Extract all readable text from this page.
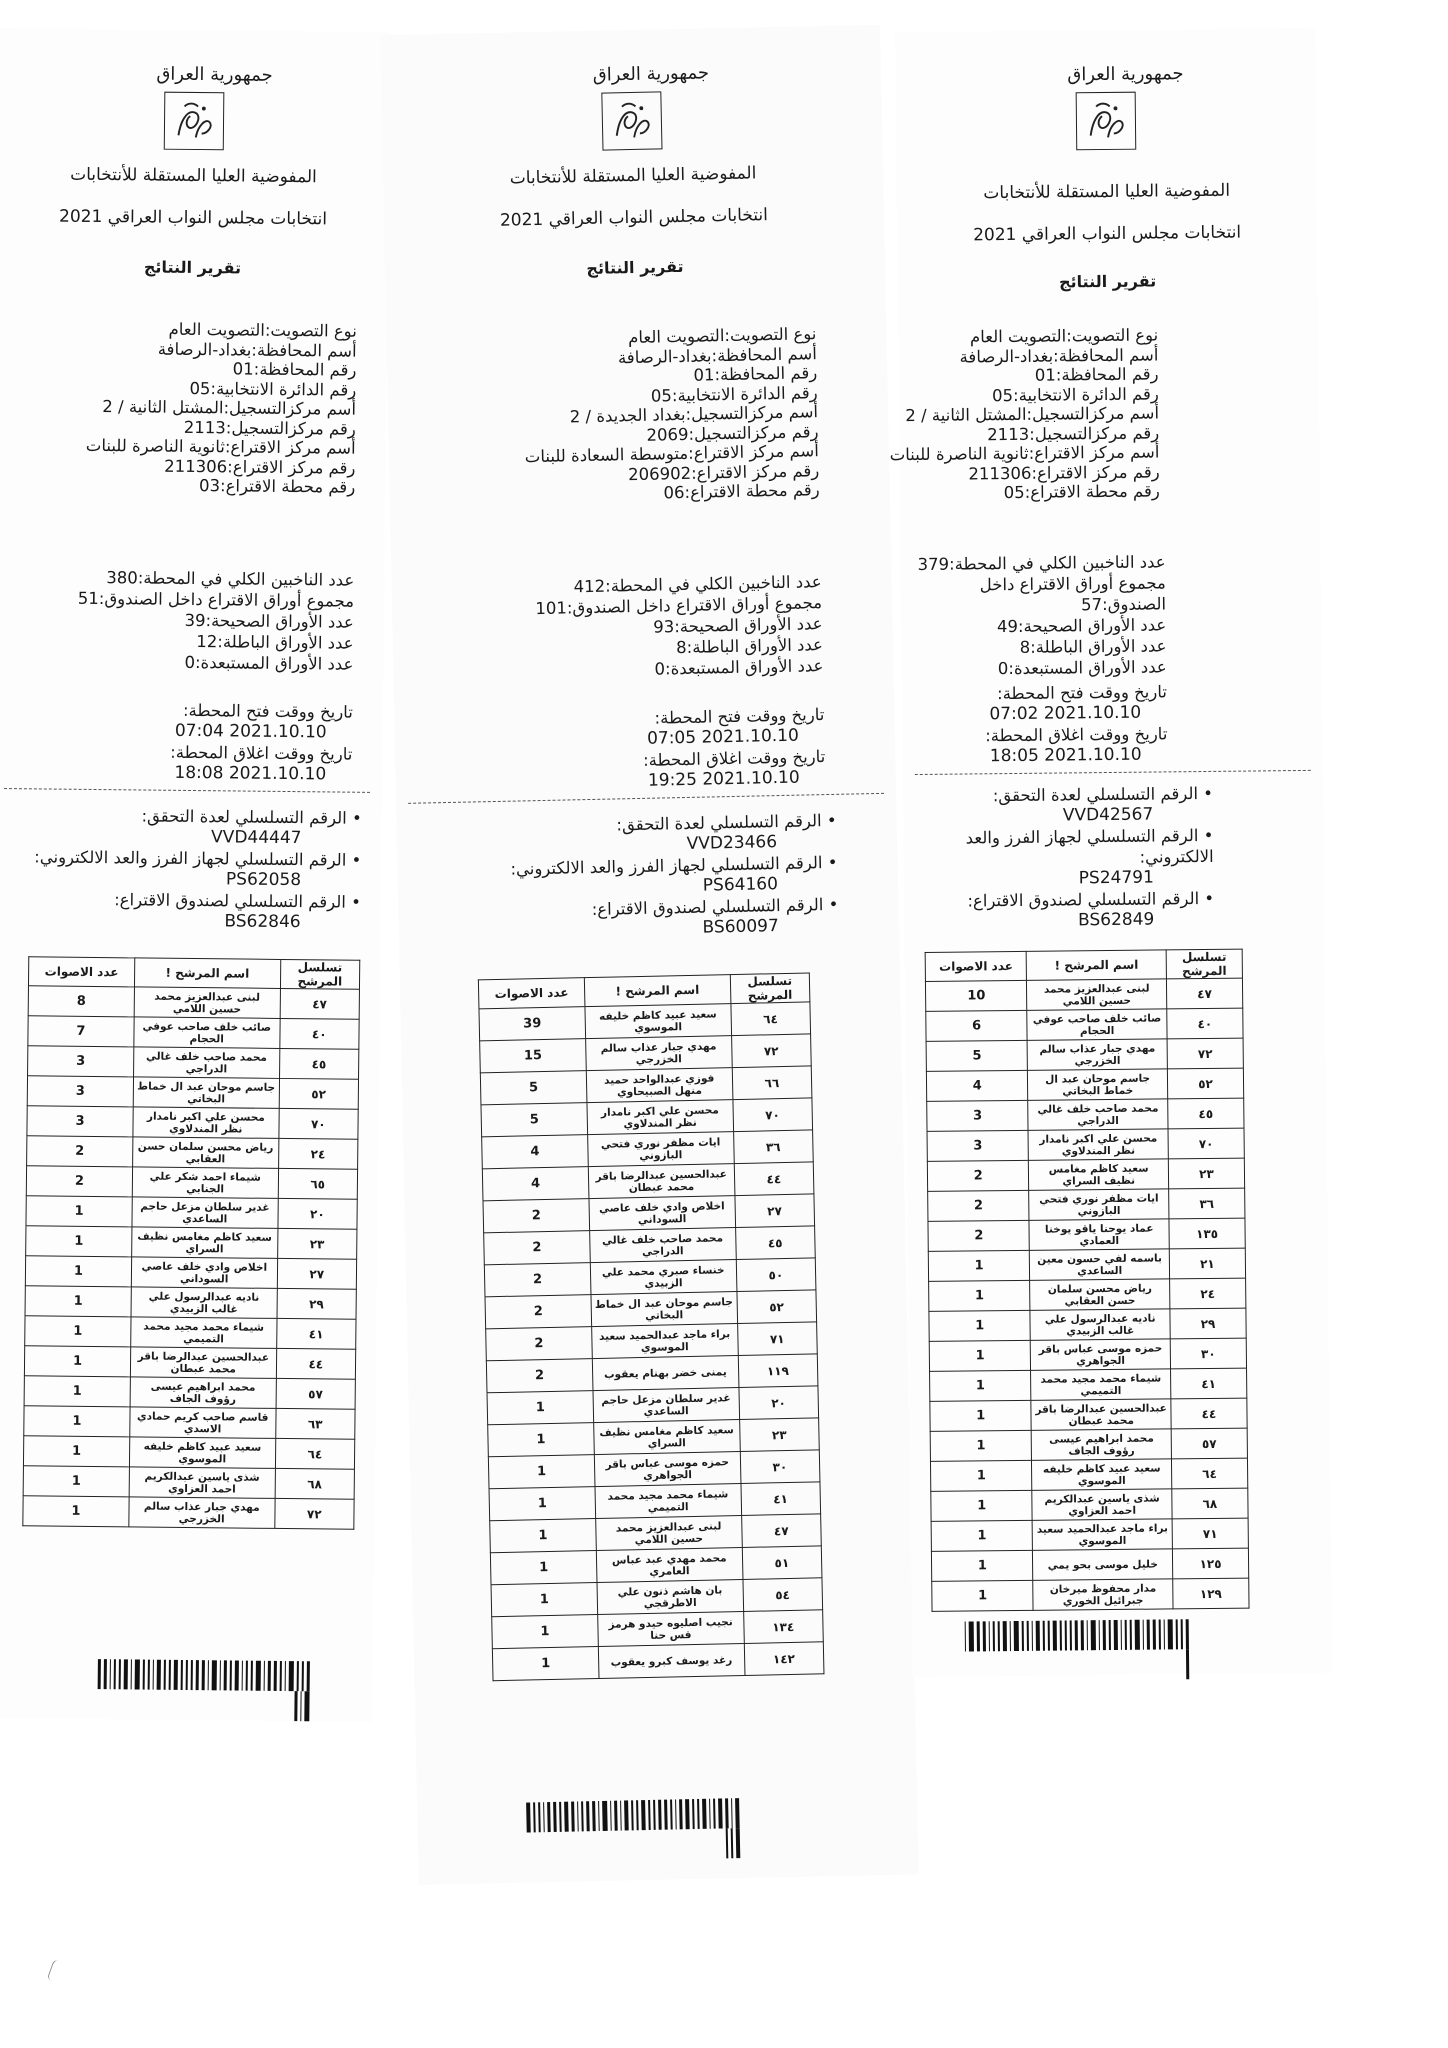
جمهورية العراق
المفوضية العليا المستقلة للأنتخابات
انتخابات مجلس النواب العراقي 2021
تقرير النتائج
نوع التصويت:التصويت العام
أسم المحافظة:بغداد-الرصافة
رقم المحافظة:01
رقم الدائرة الانتخابية:05
أسم مركزالتسجيل:المشتل الثانية / 2
رقم مركزالتسجيل:2113
أسم مركز الاقتراع:ثانوية الناصرة للبنات
رقم مركز الاقتراع:211306
رقم محطة الاقتراع:03
عدد الناخبين الكلي في المحطة:380
مجموع أوراق الاقتراع داخل الصندوق:51
عدد الأوراق الصحيحة:39
عدد الأوراق الباطلة:12
عدد الأوراق المستبعدة:0
تاريخ ووقت فتح المحطة:
2021.10.10 07:04
تاريخ ووقت اغلاق المحطة:
2021.10.10 18:08
• الرقم التسلسلي لعدة التحقق:
VVD44447
• الرقم التسلسلي لجهاز الفرز والعد الالكتروني:
PS62058
• الرقم التسلسلي لصندوق الاقتراع:
BS62846
تسلسل المرشح	اسم المرشح !	عدد الاصوات
٤٧	لبنى عبدالعزيز محمد حسين اللامي	8
٤٠	صائب خلف صاحب عوفي الحجام	7
٤٥	محمد صاحب خلف غالي الدراجي	3
٥٢	جاسم موحان عبد ال خماط البخاتي	3
٧٠	محسن علي اكبر نامدار نظر المندلاوي	3
٢٤	رياض محسن سلمان حسن العقابي	2
٦٥	شيماء احمد شكر علي الجنابي	2
٢٠	غدير سلطان مزعل حاجم الساعدي	1
٢٣	سعيد كاظم مغامس نظيف السراي	1
٢٧	اخلاص وادي خلف عاصي السوداني	1
٢٩	ناديه عبدالرسول علي غالب الزبيدي	1
٤١	شيماء محمد مجيد محمد التميمي	1
٤٤	عبدالحسين عبدالرضا باقر محمد عبطان	1
٥٧	محمد ابراهيم عيسى رؤوف الجاف	1
٦٣	قاسم صاحب كريم حمادي الاسدي	1
٦٤	سعيد عبيد كاظم خليفه الموسوي	1
٦٨	شذى ياسين عبدالكريم احمد العزاوي	1
٧٢	مهدي جبار عذاب سالم الخزرجي	1
جمهورية العراق
المفوضية العليا المستقلة للأنتخابات
انتخابات مجلس النواب العراقي 2021
تقرير النتائج
نوع التصويت:التصويت العام
أسم المحافظة:بغداد-الرصافة
رقم المحافظة:01
رقم الدائرة الانتخابية:05
أسم مركزالتسجيل:بغداد الجديدة / 2
رقم مركزالتسجيل:2069
أسم مركز الاقتراع:متوسطة السعادة للبنات
رقم مركز الاقتراع:206902
رقم محطة الاقتراع:06
عدد الناخبين الكلي في المحطة:412
مجموع أوراق الاقتراع داخل الصندوق:101
عدد الأوراق الصحيحة:93
عدد الأوراق الباطلة:8
عدد الأوراق المستبعدة:0
تاريخ ووقت فتح المحطة:
2021.10.10 07:05
تاريخ ووقت اغلاق المحطة:
2021.10.10 19:25
• الرقم التسلسلي لعدة التحقق:
VVD23466
• الرقم التسلسلي لجهاز الفرز والعد الالكتروني:
PS64160
• الرقم التسلسلي لصندوق الاقتراع:
BS60097
تسلسل المرشح	اسم المرشح !	عدد الاصوات
٦٤	سعيد عبيد كاظم خليفه الموسوي	39
٧٢	مهدي جبار عذاب سالم الخزرجي	15
٦٦	فوزي عبدالواحد حميد منهل الصبيحاوي	5
٧٠	محسن علي اكبر نامدار نظر المندلاوي	5
٣٦	ايات مظفر نوري فتحي البازوني	4
٤٤	عبدالحسين عبدالرضا باقر محمد عبطان	4
٢٧	اخلاص وادي خلف عاصي السوداني	2
٤٥	محمد صاحب خلف غالي الدراجي	2
٥٠	خنساء صبري محمد علي الزبيدي	2
٥٢	جاسم موحان عبد ال خماط البخاتي	2
٧١	براء ماجد عبدالحميد سعيد الموسوي	2
١١٩	يمنى خضر بهنام يعقوب	2
٢٠	غدير سلطان مزعل حاجم الساعدي	1
٢٣	سعيد كاظم مغامس نظيف السراي	1
٣٠	حمزه موسى عباس باقر الجواهري	1
٤١	شيماء محمد مجيد محمد التميمي	1
٤٧	لبنى عبدالعزيز محمد حسين اللامي	1
٥١	محمد مهدي عبد عباس العامري	1
٥٤	بان هاشم ذنون علي الاطرقجي	1
١٣٤	نجيب اصليوه حيدو هرمز قس حنا	1
١٤٢	رغد يوسف كبرو يعقوب	1
جمهورية العراق
المفوضية العليا المستقلة للأنتخابات
انتخابات مجلس النواب العراقي 2021
تقرير النتائج
نوع التصويت:التصويت العام
أسم المحافظة:بغداد-الرصافة
رقم المحافظة:01
رقم الدائرة الانتخابية:05
أسم مركزالتسجيل:المشتل الثانية / 2
رقم مركزالتسجيل:2113
أسم مركز الاقتراع:ثانوية الناصرة للبنات
رقم مركز الاقتراع:211306
رقم محطة الاقتراع:05
عدد الناخبين الكلي في المحطة:379
مجموع أوراق الاقتراع داخل الصندوق:57
عدد الأوراق الصحيحة:49
عدد الأوراق الباطلة:8
عدد الأوراق المستبعدة:0
تاريخ ووقت فتح المحطة:
2021.10.10 07:02
تاريخ ووقت اغلاق المحطة:
2021.10.10 18:05
• الرقم التسلسلي لعدة التحقق:
VVD42567
• الرقم التسلسلي لجهاز الفرز والعد الالكتروني:
PS24791
• الرقم التسلسلي لصندوق الاقتراع:
BS62849
تسلسل المرشح	اسم المرشح !	عدد الاصوات
٤٧	لبنى عبدالعزيز محمد حسين اللامي	10
٤٠	صائب خلف صاحب عوفي الحجام	6
٧٢	مهدي جبار عذاب سالم الخزرجي	5
٥٢	جاسم موحان عبد ال خماط البخاتي	4
٤٥	محمد صاحب خلف غالي الدراجي	3
٧٠	محسن علي اكبر نامدار نظر المندلاوي	3
٢٣	سعيد كاظم مغامس نظيف السراي	2
٣٦	ايات مظفر نوري فتحي البازوني	2
١٣٥	عماد يوحنا ياقو يوخنا العمادي	2
٢١	باسمه لفي حسون معين الساعدي	1
٢٤	رياض محسن سلمان حسن العقابي	1
٢٩	ناديه عبدالرسول علي غالب الزبيدي	1
٣٠	حمزه موسى عباس باقر الجواهري	1
٤١	شيماء محمد مجيد محمد التميمي	1
٤٤	عبدالحسين عبدالرضا باقر محمد عبطان	1
٥٧	محمد ابراهيم عيسى رؤوف الجاف	1
٦٤	سعيد عبيد كاظم خليفه الموسوي	1
٦٨	شذى ياسين عبدالكريم احمد العزاوي	1
٧١	براء ماجد عبدالحميد سعيد الموسوي	1
١٢٥	خليل موسى بحو يمي	1
١٢٩	مدار محفوظ ميرخان جبرائيل الخوري	1
